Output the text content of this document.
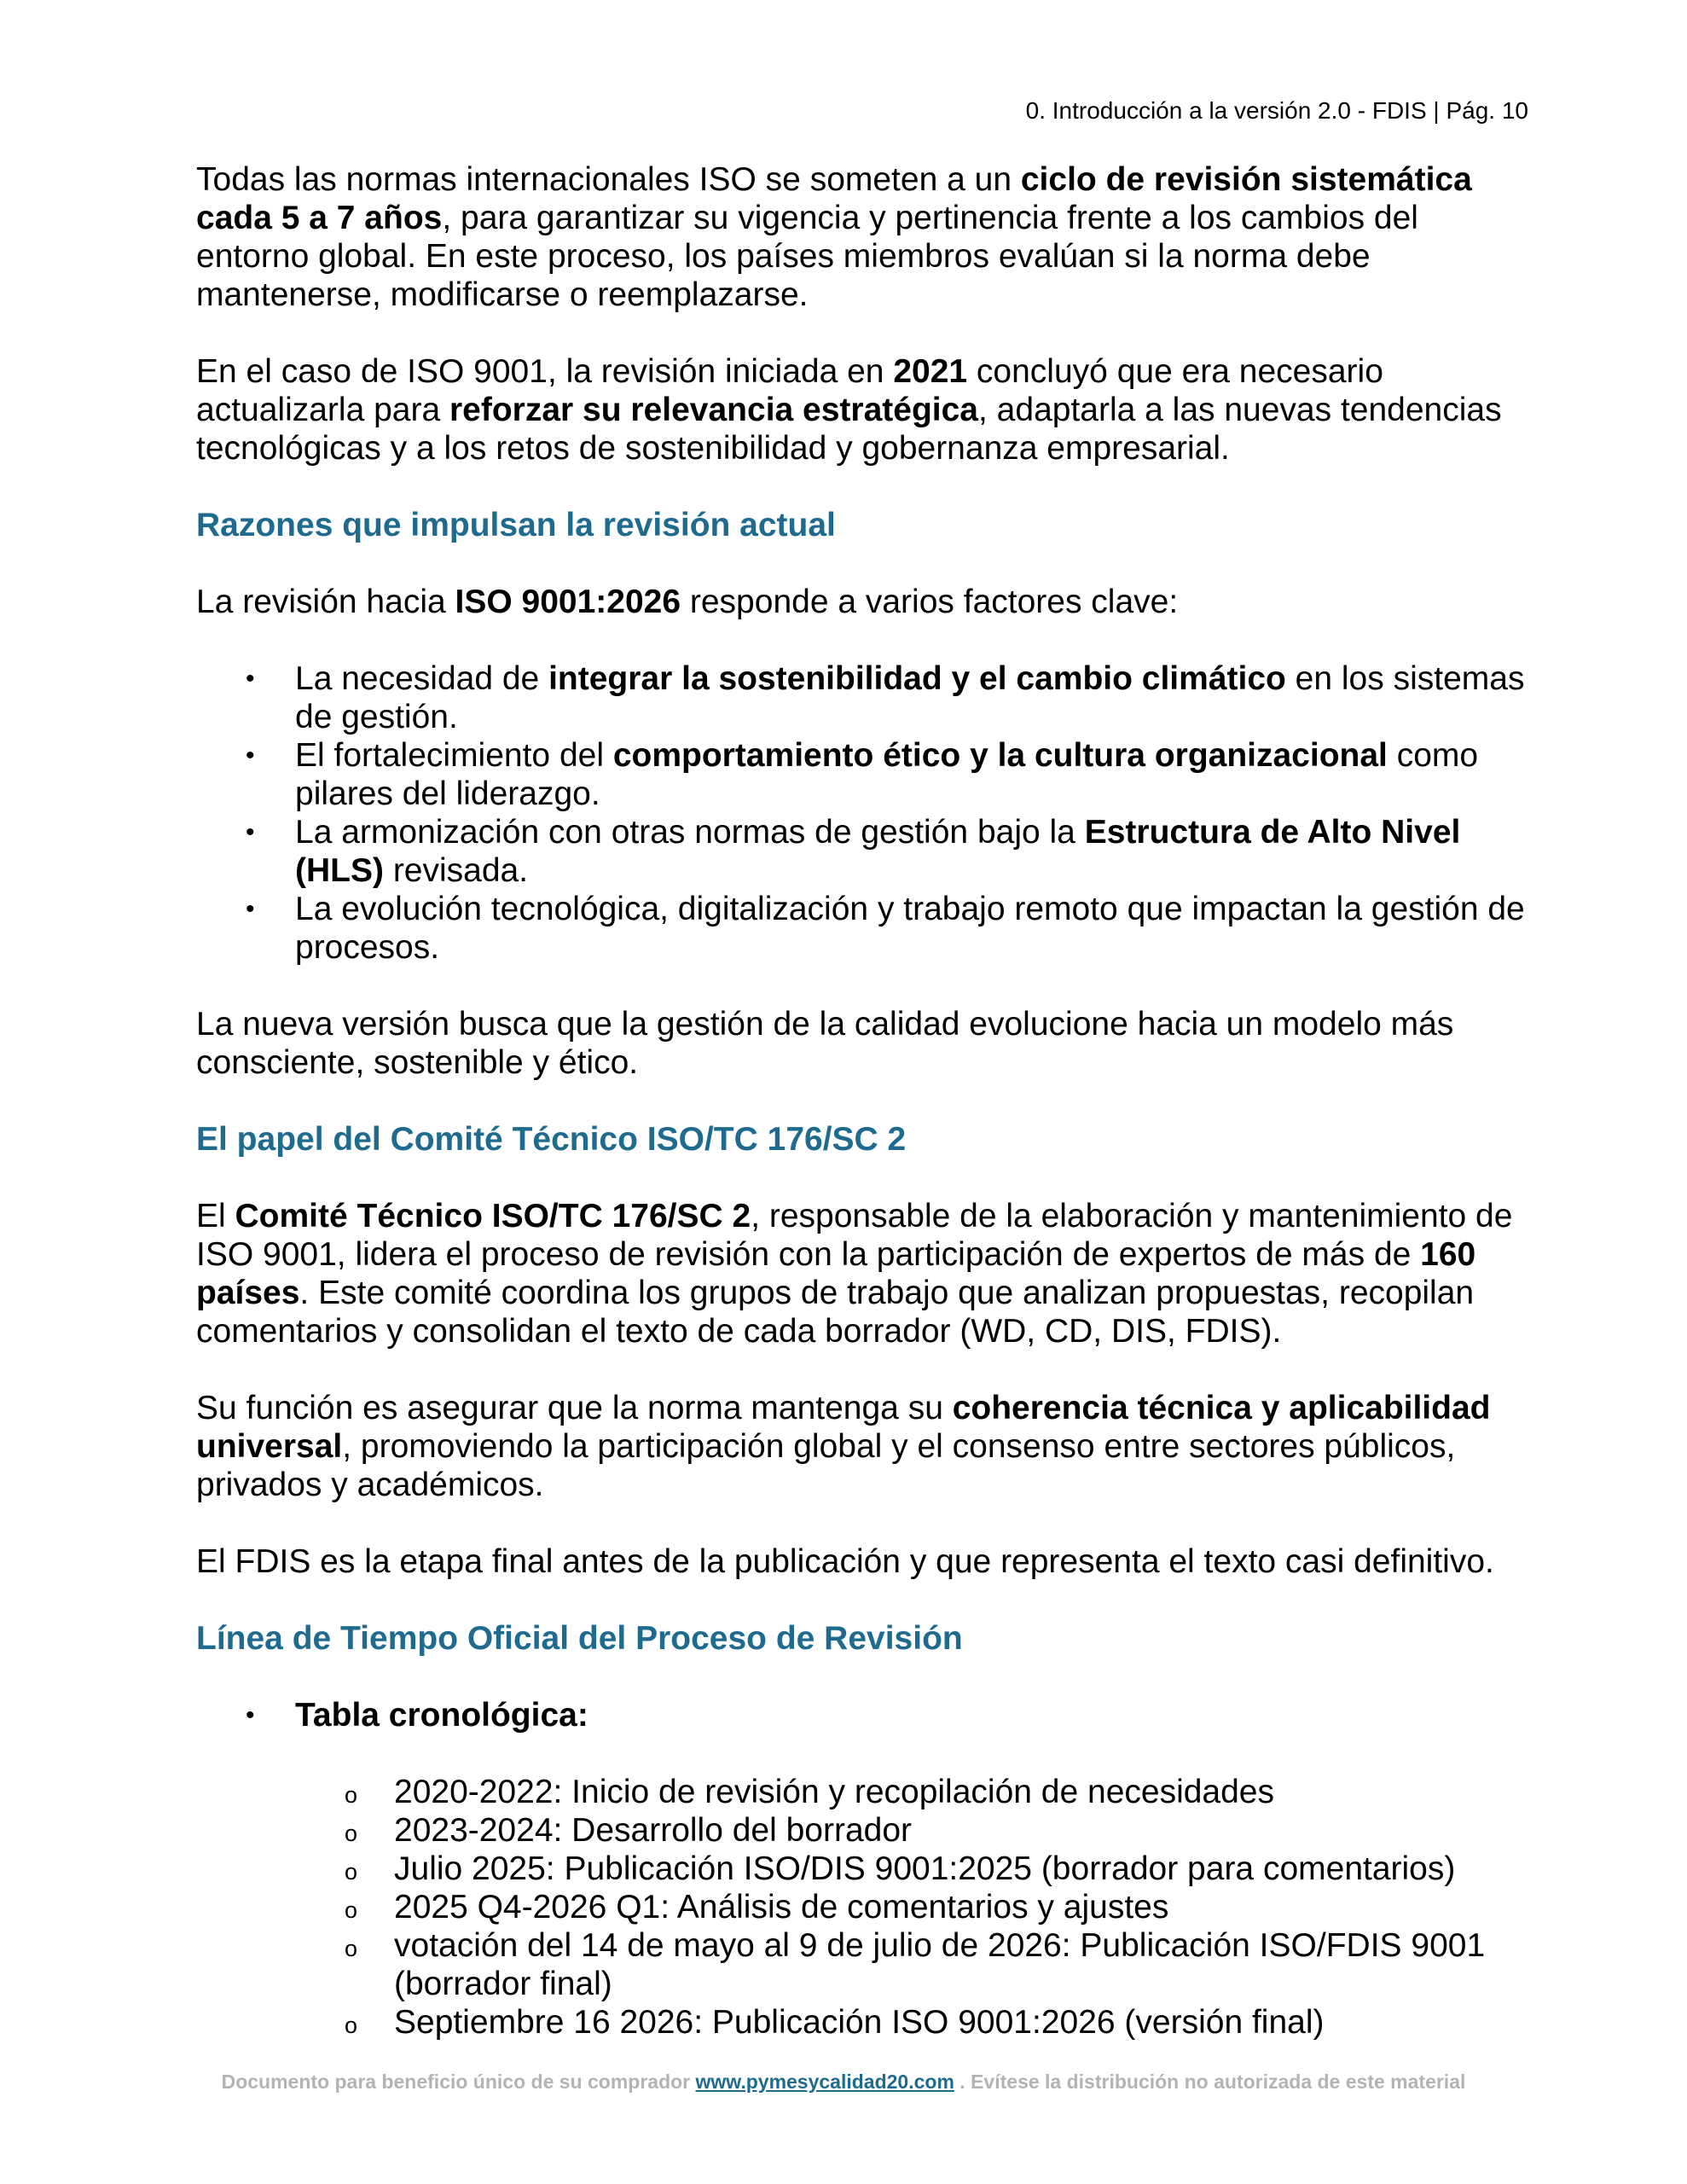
0. Introducción a la versión 2.0 - FDIS | Pág. 10

Todas las normas internacionales ISO se someten a un ciclo de revisión sistemática cada 5 a 7 años, para garantizar su vigencia y pertinencia frente a los cambios del entorno global. En este proceso, los países miembros evalúan si la norma debe mantenerse, modificarse o reemplazarse.

En el caso de ISO 9001, la revisión iniciada en 2021 concluyó que era necesario actualizarla para reforzar su relevancia estratégica, adaptarla a las nuevas tendencias tecnológicas y a los retos de sostenibilidad y gobernanza empresarial.

Razones que impulsan la revisión actual

La revisión hacia ISO 9001:2026 responde a varios factores clave:

• La necesidad de integrar la sostenibilidad y el cambio climático en los sistemas de gestión.
• El fortalecimiento del comportamiento ético y la cultura organizacional como pilares del liderazgo.
• La armonización con otras normas de gestión bajo la Estructura de Alto Nivel (HLS) revisada.
• La evolución tecnológica, digitalización y trabajo remoto que impactan la gestión de procesos.

La nueva versión busca que la gestión de la calidad evolucione hacia un modelo más consciente, sostenible y ético.

El papel del Comité Técnico ISO/TC 176/SC 2

El Comité Técnico ISO/TC 176/SC 2, responsable de la elaboración y mantenimiento de ISO 9001, lidera el proceso de revisión con la participación de expertos de más de 160 países. Este comité coordina los grupos de trabajo que analizan propuestas, recopilan comentarios y consolidan el texto de cada borrador (WD, CD, DIS, FDIS).

Su función es asegurar que la norma mantenga su coherencia técnica y aplicabilidad universal, promoviendo la participación global y el consenso entre sectores públicos, privados y académicos.

El FDIS es la etapa final antes de la publicación y que representa el texto casi definitivo.

Línea de Tiempo Oficial del Proceso de Revisión
• Tabla cronológica:
o 2020-2022: Inicio de revisión y recopilación de necesidades
o 2023-2024: Desarrollo del borrador
o Julio 2025: Publicación ISO/DIS 9001:2025 (borrador para comentarios)
o 2025 Q4-2026 Q1: Análisis de comentarios y ajustes
o votación del 14 de mayo al 9 de julio de 2026: Publicación ISO/FDIS 9001 (borrador final)
o Septiembre 16 2026: Publicación ISO 9001:2026 (versión final)
Documento para beneficio único de su comprador www.pymesycalidad20.com . Evítese la distribución no autorizada de este material
